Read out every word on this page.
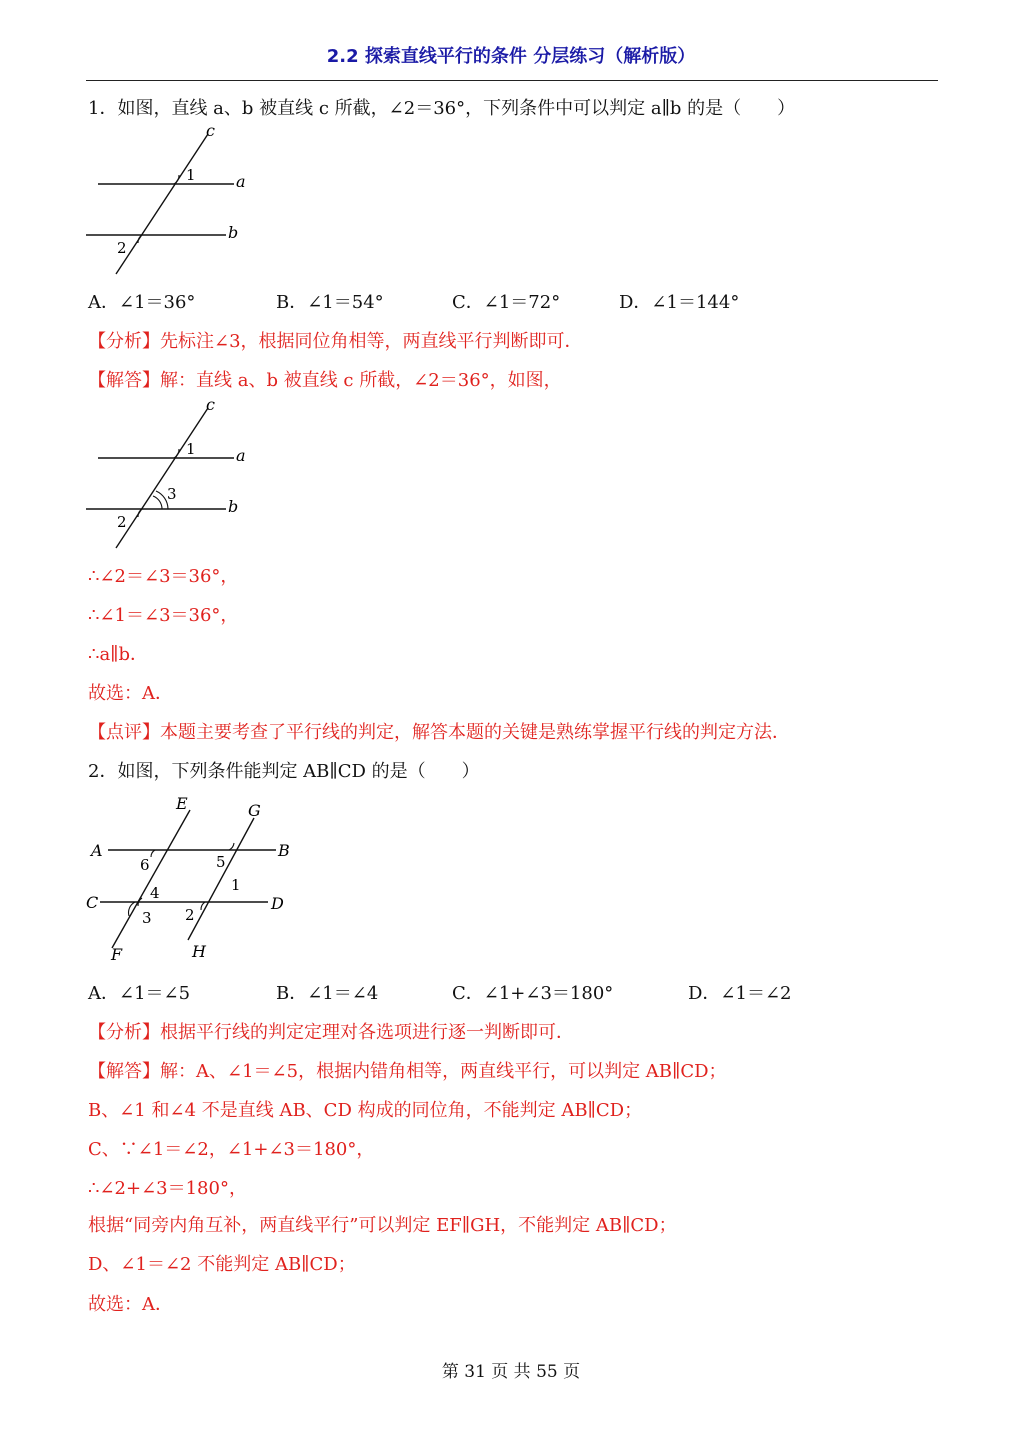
2.2 探索直线平行的条件 分层练习（解析版）
1．如图，直线 a、b 被直线 c 所截，∠2＝36°，下列条件中可以判定 a∥b 的是（　　）
c
a
b
1
2
A．∠1＝36°	B．∠1＝54°	C．∠1＝72°	D．∠1＝144°
【分析】先标注∠3，根据同位角相等，两直线平行判断即可．
【解答】解：直线 a、b 被直线 c 所截，∠2＝36°，如图，
c
a
b
1
2
3
∴∠2＝∠3＝36°，
∴∠1＝∠3＝36°，
∴a∥b．
故选：A．
【点评】本题主要考查了平行线的判定，解答本题的关键是熟练掌握平行线的判定方法．
2．如图，下列条件能判定 AB∥CD 的是（　　）
E	G
A	B
C	D
F	H
6	5
1
4
3 2
A．∠1＝∠5	B．∠1＝∠4	C．∠1+∠3＝180°	D．∠1＝∠2
【分析】根据平行线的判定定理对各选项进行逐一判断即可．
【解答】解：A、∠1＝∠5，根据内错角相等，两直线平行，可以判定 AB∥CD；
B、∠1 和∠4 不是直线 AB、CD 构成的同位角，不能判定 AB∥CD；
C、∵∠1＝∠2，∠1+∠3＝180°，
∴∠2+∠3＝180°，
根据“同旁内角互补，两直线平行”可以判定 EF∥GH，不能判定 AB∥CD；
D、∠1＝∠2 不能判定 AB∥CD；
故选：A．
第 31 页 共 55 页
